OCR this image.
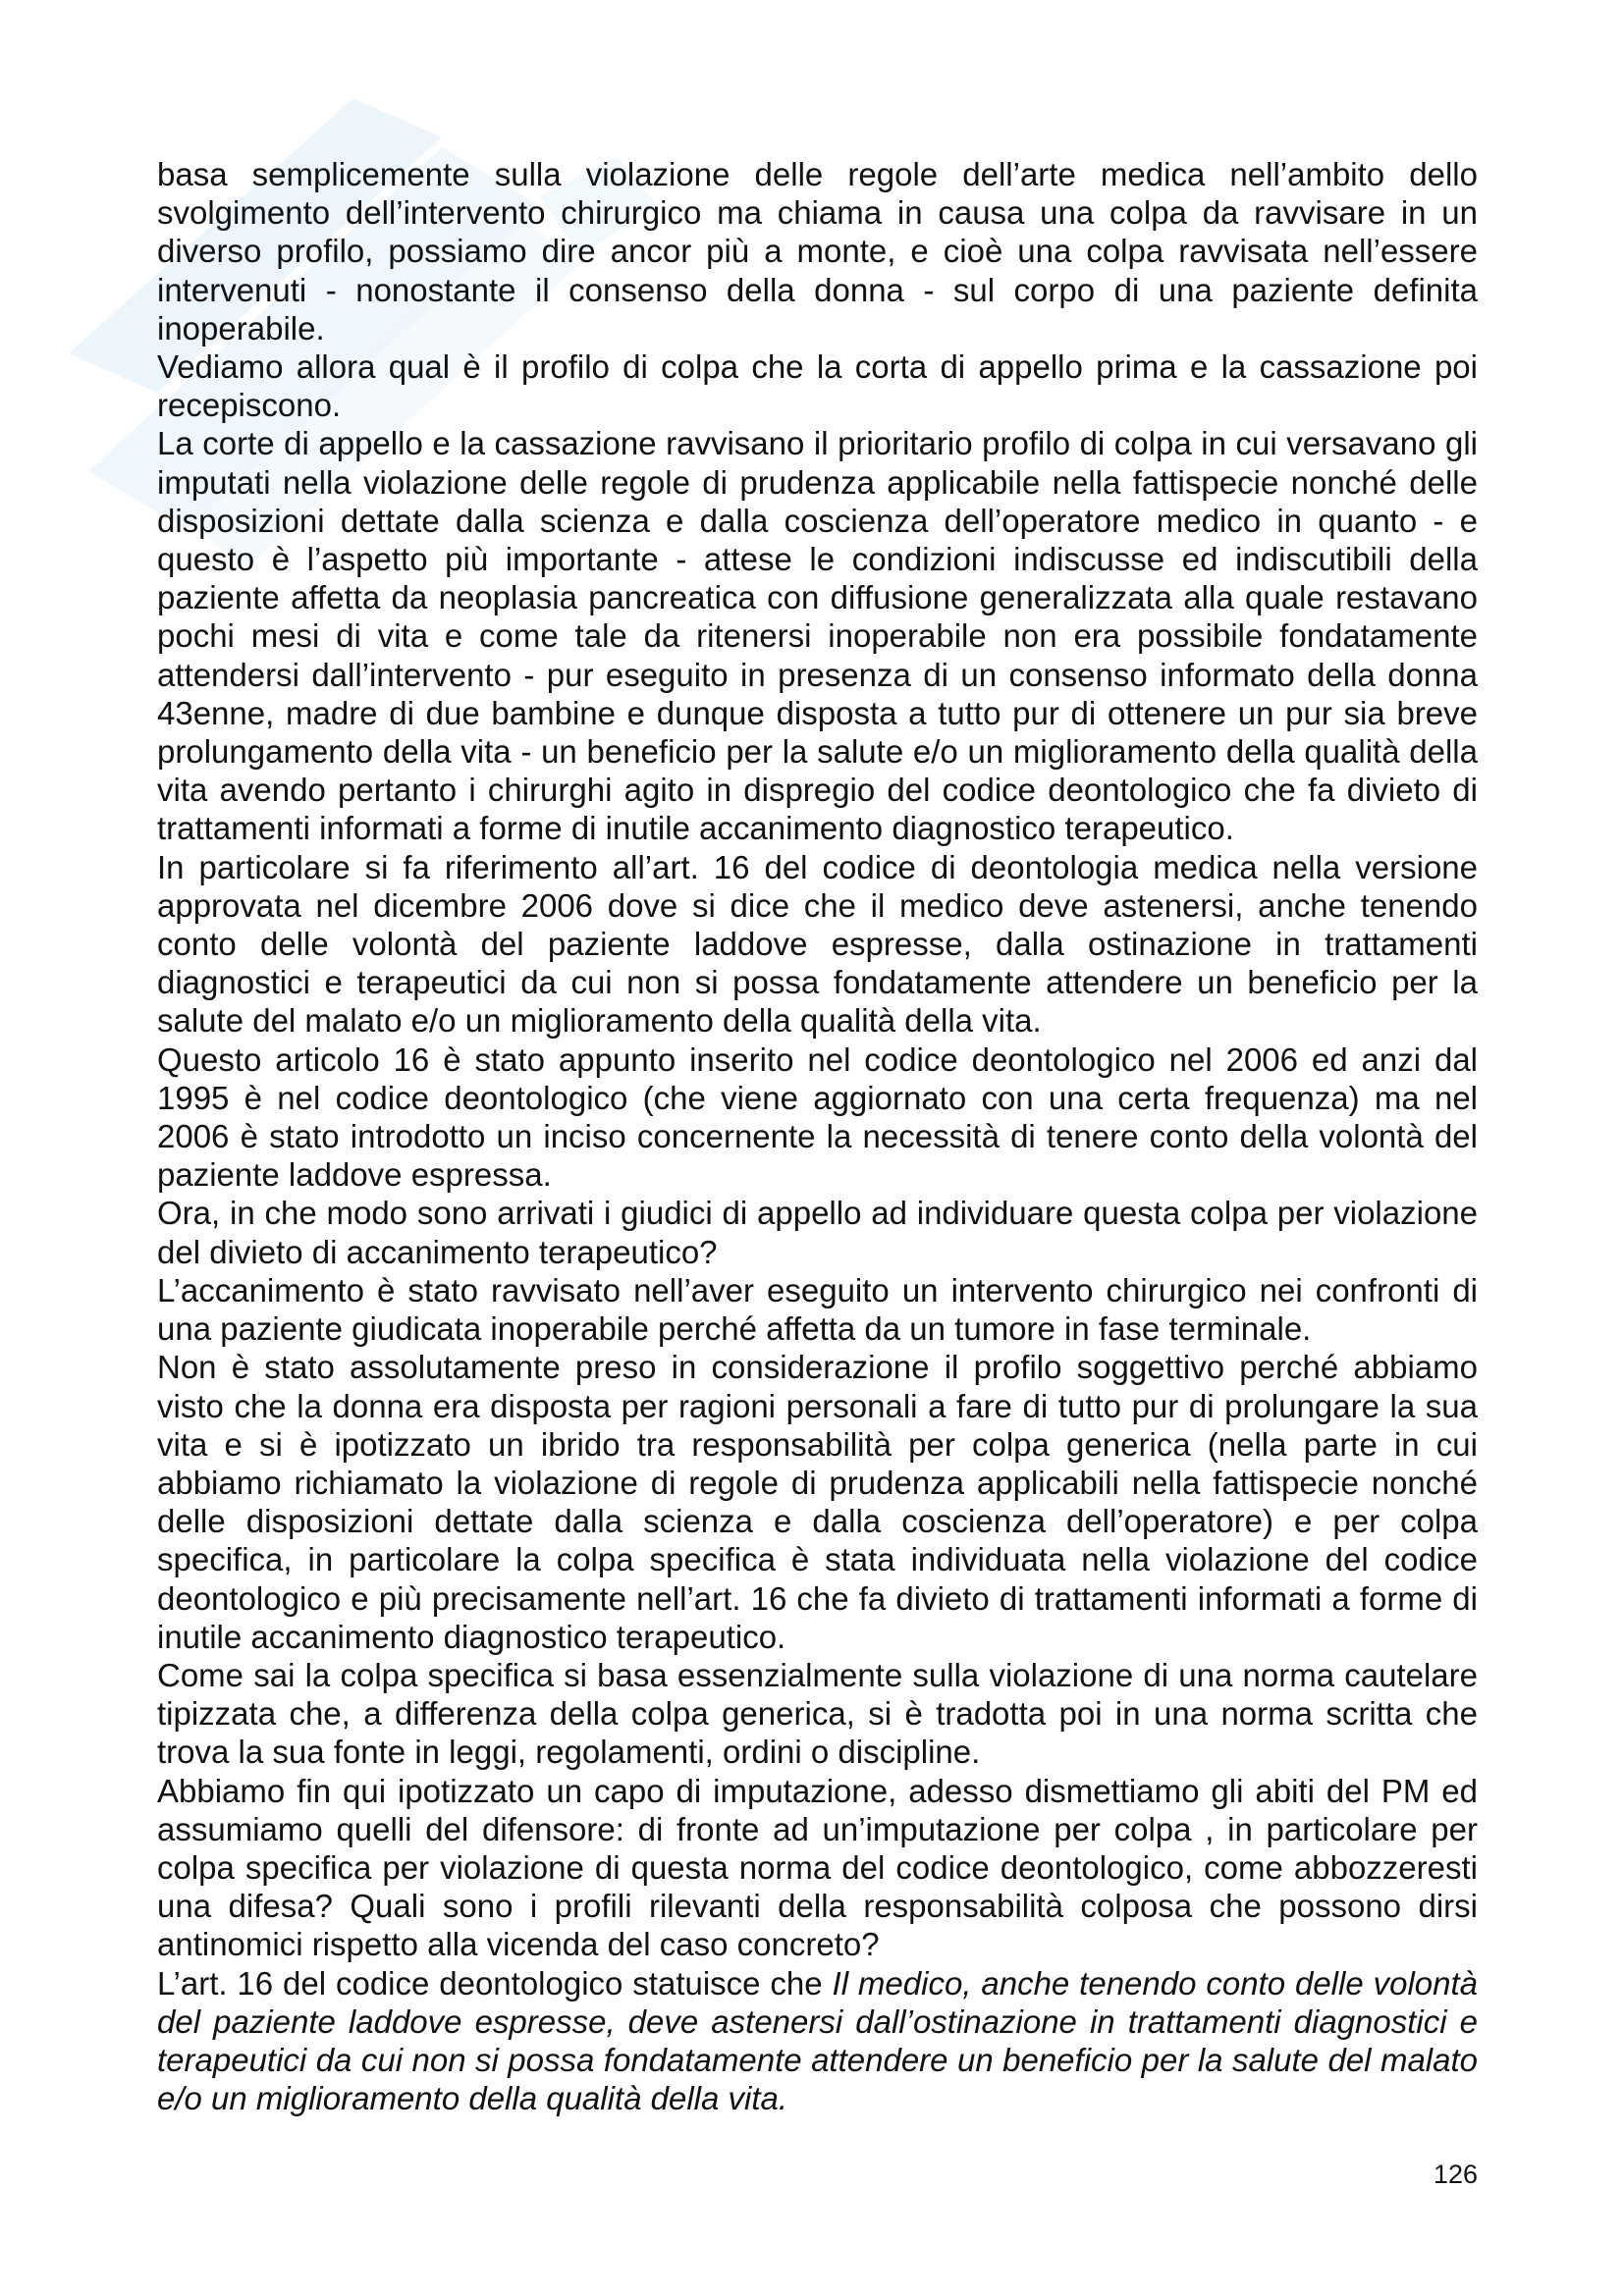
basa semplicemente sulla violazione delle regole dell’arte medica nell’ambito dello svolgimento dell’intervento chirurgico ma chiama in causa una colpa da ravvisare in un diverso profilo, possiamo dire ancor più a monte, e cioè una colpa ravvisata nell’essere intervenuti - nonostante il consenso della donna - sul corpo di una paziente definita inoperabile.

Vediamo allora qual è il profilo di colpa che la corta di appello prima e la cassazione poi recepiscono.

La corte di appello e la cassazione ravvisano il prioritario profilo di colpa in cui versavano gli imputati nella violazione delle regole di prudenza applicabile nella fattispecie nonché delle disposizioni dettate dalla scienza e dalla coscienza dell’operatore medico in quanto - e questo è l’aspetto più importante - attese le condizioni indiscusse ed indiscutibili della paziente affetta da neoplasia pancreatica con diffusione generalizzata alla quale restavano pochi mesi di vita e come tale da ritenersi inoperabile non era possibile fondatamente attendersi dall’intervento - pur eseguito in presenza di un consenso informato della donna 43enne, madre di due bambine e dunque disposta a tutto pur di ottenere un pur sia breve prolungamento della vita - un beneficio per la salute e/o un miglioramento della qualità della vita avendo pertanto i chirurghi agito in dispregio del codice deontologico che fa divieto di trattamenti informati a forme di inutile accanimento diagnostico terapeutico.

In particolare si fa riferimento all’art. 16 del codice di deontologia medica nella versione approvata nel dicembre 2006 dove si dice che il medico deve astenersi, anche tenendo conto delle volontà del paziente laddove espresse, dalla ostinazione in trattamenti diagnostici e terapeutici da cui non si possa fondatamente attendere un beneficio per la salute del malato e/o un miglioramento della qualità della vita.

Questo articolo 16 è stato appunto inserito nel codice deontologico nel 2006 ed anzi dal 1995 è nel codice deontologico (che viene aggiornato con una certa frequenza) ma nel 2006 è stato introdotto un inciso concernente la necessità di tenere conto della volontà del paziente laddove espressa.

Ora, in che modo sono arrivati i giudici di appello ad individuare questa colpa per violazione del divieto di accanimento terapeutico?

L’accanimento è stato ravvisato nell’aver eseguito un intervento chirurgico nei confronti di una paziente giudicata inoperabile perché affetta da un tumore in fase terminale.

Non è stato assolutamente preso in considerazione il profilo soggettivo perché abbiamo visto che la donna era disposta per ragioni personali a fare di tutto pur di prolungare la sua vita e si è ipotizzato un ibrido tra responsabilità per colpa generica (nella parte in cui abbiamo richiamato la violazione di regole di prudenza applicabili nella fattispecie nonché delle disposizioni dettate dalla scienza e dalla coscienza dell’operatore) e per colpa specifica, in particolare la colpa specifica è stata individuata nella violazione del codice deontologico e più precisamente nell’art. 16 che fa divieto di trattamenti informati a forme di inutile accanimento diagnostico terapeutico.

Come sai la colpa specifica si basa essenzialmente sulla violazione di una norma cautelare tipizzata che, a differenza della colpa generica, si è tradotta poi in una norma scritta che trova la sua fonte in leggi, regolamenti, ordini o discipline.

Abbiamo fin qui ipotizzato un capo di imputazione, adesso dismettiamo gli abiti del PM ed assumiamo quelli del difensore: di fronte ad un’imputazione per colpa , in particolare per colpa specifica per violazione di questa norma del codice deontologico, come abbozzeresti una difesa? Quali sono i profili rilevanti della responsabilità colposa che possono dirsi antinomici rispetto alla vicenda del caso concreto?

L’art. 16 del codice deontologico statuisce che Il medico, anche tenendo conto delle volontà del paziente laddove espresse, deve astenersi dall’ostinazione in trattamenti diagnostici e terapeutici da cui non si possa fondatamente attendere un beneficio per la salute del malato e/o un miglioramento della qualità della vita.

126
